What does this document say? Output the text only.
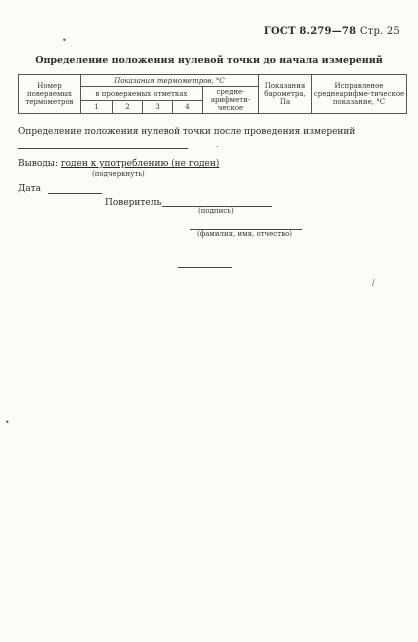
ГОСТ 8.279—78 Стр. 25
•
Определение положения нулевой точки до начала измерений
Номер поверяемых термометров	Показания термометров, °С					Показания барометра, Па	Исправленое среднеарифме-тическое показание, °С
	в проверяемых отметках				средне-арифмети-ческое		
	1	2	3	4			
Определение положения нулевой точки после проведения измерений
.
Выводы: годен к употреблению (не годен)
(подчеркнуть)
Дата
Поверитель
(подпись)
(фамилия, имя, отчество)
/
•
